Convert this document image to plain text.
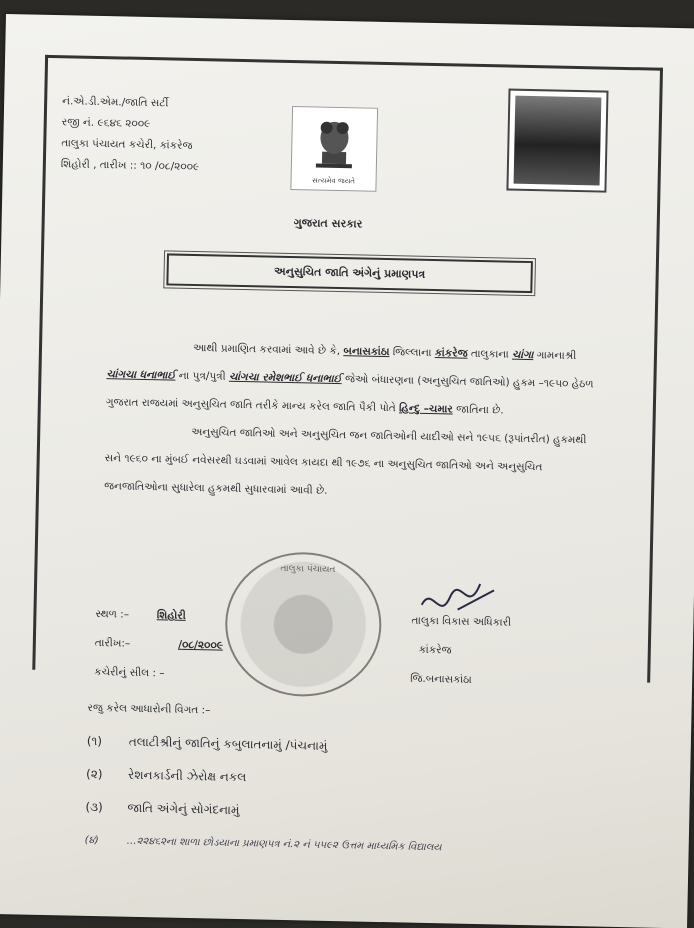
નં.એ.ડી.એમ./જાતિ સર્ટી
રજી નં. ૯૬૪૬ ૨૦૦૯
તાલુકા પંચાયત કચેરી, કાંકરેજ
શિહોરી , તારીખ :: ૧૦ /૦૮/૨૦૦૯
સત્યમેવ જયતે
ગુજરાત સરકાર
અનુસુચિત જાતિ અંગેનું પ્રમાણપત્ર
આથી પ્રમાણિત કરવામાં આવે છે કે, બનાસકાંઠા જિલ્લાના કાંકરેજ તાલુકાના ચાંગા ગામનાશ્રી ચાંગચા ધનાભાઈ ના પુત્ર/પુત્રી ચાંગચા રમેશભાઈ ધનાભાઈ જેઓ બંધારણના (અનુસુચિત જાતિઓ) હુકમ –૧૯૫૦ હેઠળ ગુજરાત રાજયમાં અનુસુચિત જાતિ તરીકે માન્ય કરેલ જાતિ પૈકી પોતે હિન્દુ –ચમાર જાતિના છે.
અનુસુચિત જાતિઓ અને અનુસુચિત જન જાતિઓની યાદીઓ સને ૧૯૫૬ (રૂપાંતરીત) હુકમથી સને ૧૯૬૦ ના મુંબઈ નવેસરથી ઘડવામાં આવેલ કાયદા થી ૧૯૭૬ ના અનુસુચિત જાતિઓ અને અનુસુચિત જનજાતિઓના સુધારેલા હુકમથી સુધારવામાં આવી છે.
તાલુકા પંચાયત
સ્થળ :–	શિહોરી
તારીખ:–	/૦૮/૨૦૦૯
કચેરીનું સીલ : –
તાલુકા વિકાસ અધિકારી
કાંકરેજ
જિ.બનાસકાંઠા
રજુ કરેલ આધારોની વિગત :–
(૧) તલાટીશ્રીનું જાતિનું કબુલાતનામું /પંચનામું
(૨) રેશનકાર્ડની ઝેરોક્ષ નકલ
(૩) જાતિ અંગેનું સોગંદનામું
(૪)	…૨૨૪૬૨ના શાળા છોડયાના પ્રમાણપત્ર નં.૨ નં ૫૫૯૨ ઉત્તમ માધ્યમિક વિદ્યાલય
